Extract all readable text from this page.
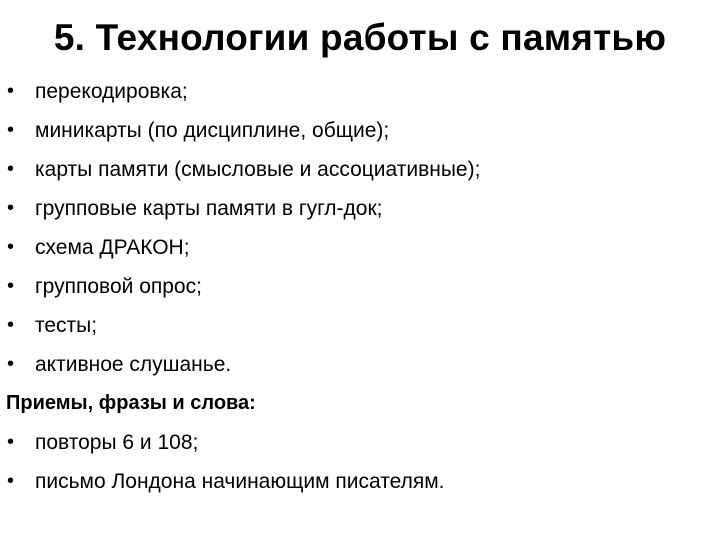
5. Технологии работы с памятью
• перекодировка;
• миникарты (по дисциплине, общие);
• карты памяти (смысловые и ассоциативные);
• групповые карты памяти в гугл-док;
• схема ДРАКОН;
• групповой опрос;
• тесты;
• активное слушанье.
Приемы, фразы и слова:
• повторы 6 и 108;
• письмо Лондона начинающим писателям.
